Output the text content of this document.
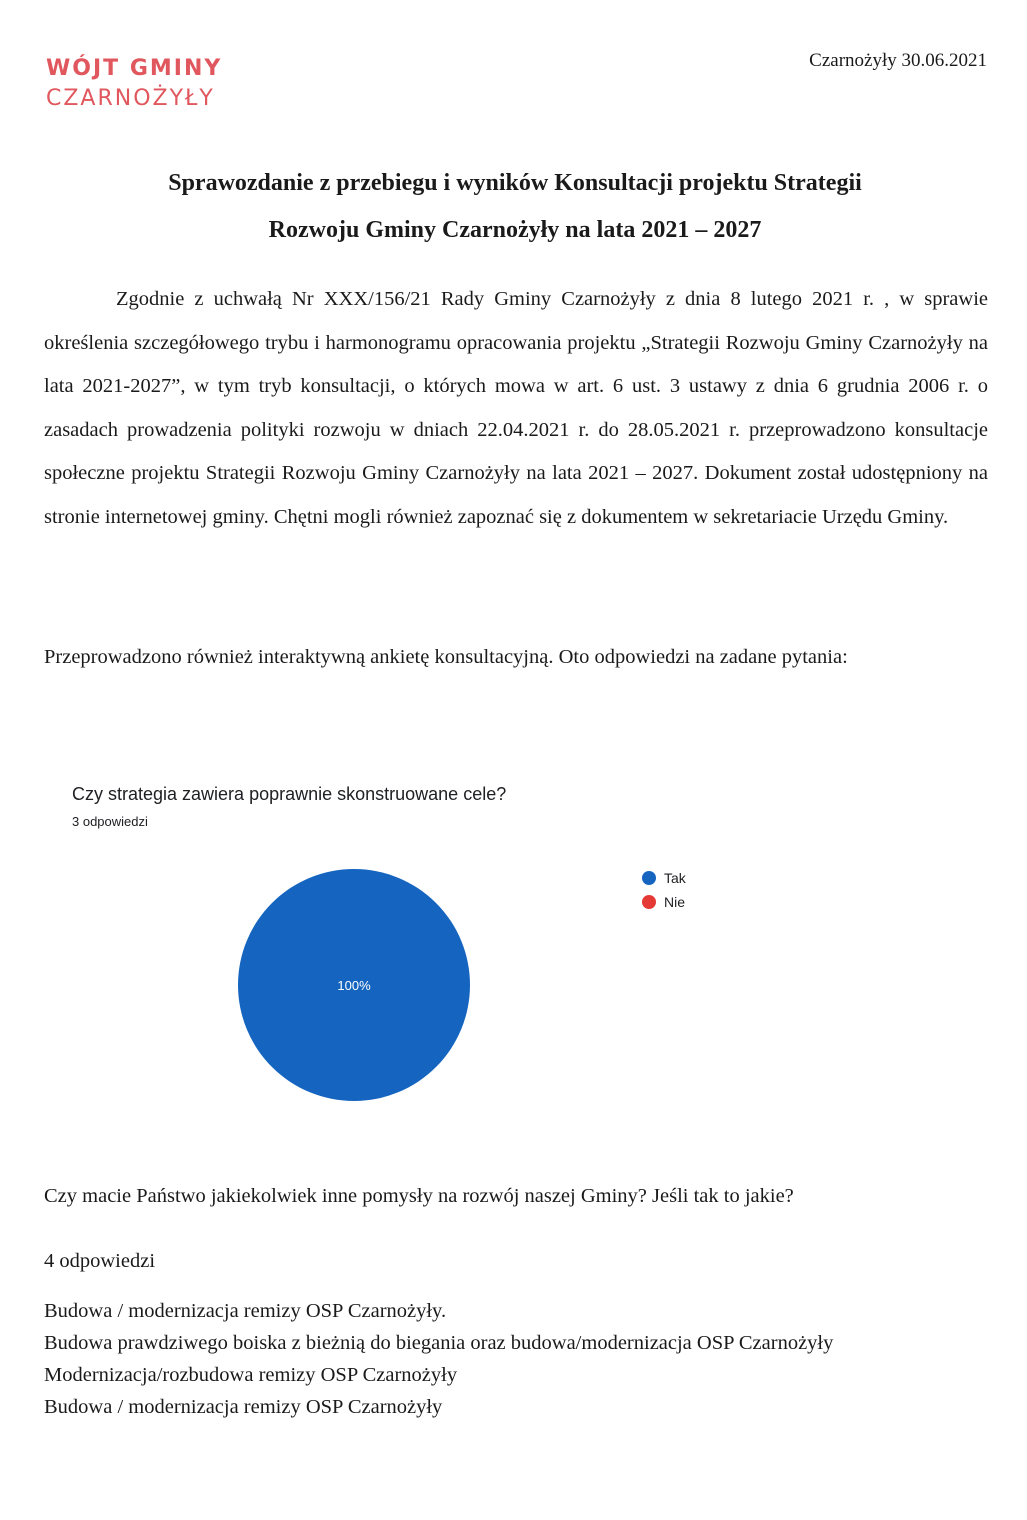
WÓJT GMINY
CZARNOŻYŁY
Czarnożyły 30.06.2021
Sprawozdanie z przebiegu i wyników Konsultacji projektu Strategii
Rozwoju Gminy Czarnożyły na lata 2021 – 2027
Zgodnie z uchwałą Nr XXX/156/21 Rady Gminy Czarnożyły z dnia 8 lutego 2021 r. , w sprawie określenia szczegółowego trybu i harmonogramu opracowania projektu „Strategii Rozwoju Gminy Czarnożyły na lata 2021-2027”, w tym tryb konsultacji, o których mowa w art. 6 ust. 3 ustawy z dnia 6 grudnia 2006 r. o zasadach prowadzenia polityki rozwoju w dniach 22.04.2021 r. do 28.05.2021 r. przeprowadzono konsultacje społeczne projektu Strategii Rozwoju Gminy Czarnożyły na lata 2021 – 2027. Dokument został udostępniony na stronie internetowej gminy. Chętni mogli również zapoznać się z dokumentem w sekretariacie Urzędu Gminy.
Przeprowadzono również interaktywną ankietę konsultacyjną. Oto odpowiedzi na zadane pytania:
Czy strategia zawiera poprawnie skonstruowane cele?
3 odpowiedzi
100%
Tak
Nie
Czy macie Państwo jakiekolwiek inne pomysły na rozwój naszej Gminy? Jeśli tak to jakie?
4 odpowiedzi
Budowa / modernizacja remizy OSP Czarnożyły.
Budowa prawdziwego boiska z bieżnią do biegania oraz budowa/modernizacja OSP Czarnożyły
Modernizacja/rozbudowa remizy OSP Czarnożyły
Budowa / modernizacja remizy OSP Czarnożyły
